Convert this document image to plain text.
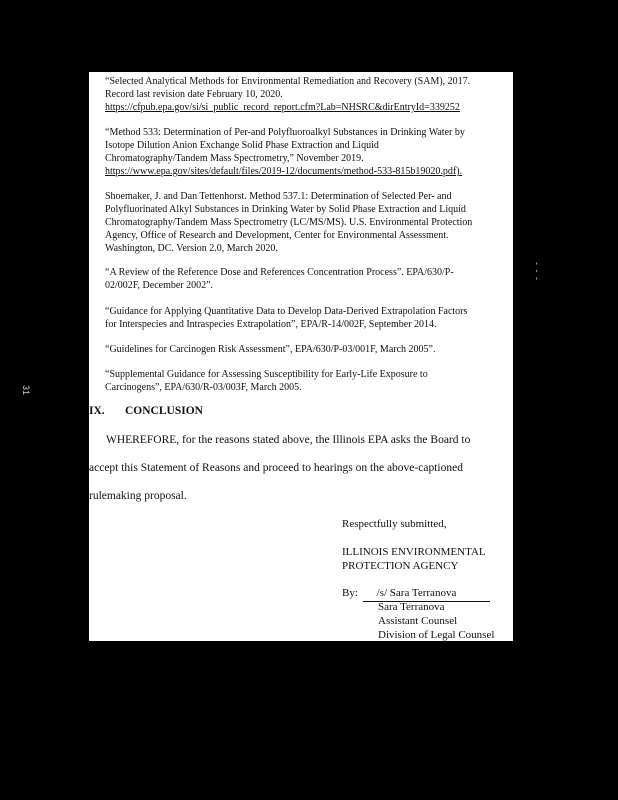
“Selected Analytical Methods for Environmental Remediation and Recovery (SAM), 2017.
Record last revision date February 10, 2020.
https://cfpub.epa.gov/si/si_public_record_report.cfm?Lab=NHSRC&dirEntryId=339252
“Method 533: Determination of Per-and Polyfluoroalkyl Substances in Drinking Water by
Isotope Dilution Anion Exchange Solid Phase Extraction and Liquid
Chromatography/Tandem Mass Spectrometry,” November 2019.
https://www.epa.gov/sites/default/files/2019-12/documents/method-533-815b19020.pdf).
Shoemaker, J. and Dan Tettenhorst. Method 537.1: Determination of Selected Per- and
Polyfluorinated Alkyl Substances in Drinking Water by Solid Phase Extraction and Liquid
Chromatography/Tandem Mass Spectrometry (LC/MS/MS). U.S. Environmental Protection
Agency, Office of Research and Development, Center for Environmental Assessment.
Washington, DC. Version 2.0, March 2020.
“A Review of the Reference Dose and References Concentration Process”. EPA/630/P-
02/002F, December 2002”.
“Guidance for Applying Quantitative Data to Develop Data-Derived Extrapolation Factors
for Interspecies and Intraspecies Extrapolation”, EPA/R-14/002F, September 2014.
“Guidelines for Carcinogen Risk Assessment”, EPA/630/P-03/001F, March 2005”.
“Supplemental Guidance for Assessing Susceptibility for Early-Life Exposure to
Carcinogens”, EPA/630/R-03/003F, March 2005.
IX. CONCLUSION
WHEREFORE, for the reasons stated above, the Illinois EPA asks the Board to
accept this Statement of Reasons and proceed to hearings on the above-captioned
rulemaking proposal.
Respectfully submitted,
ILLINOIS ENVIRONMENTAL
PROTECTION AGENCY
By: /s/ Sara Terranova
Sara Terranova
Assistant Counsel
Division of Legal Counsel
31
- - -
